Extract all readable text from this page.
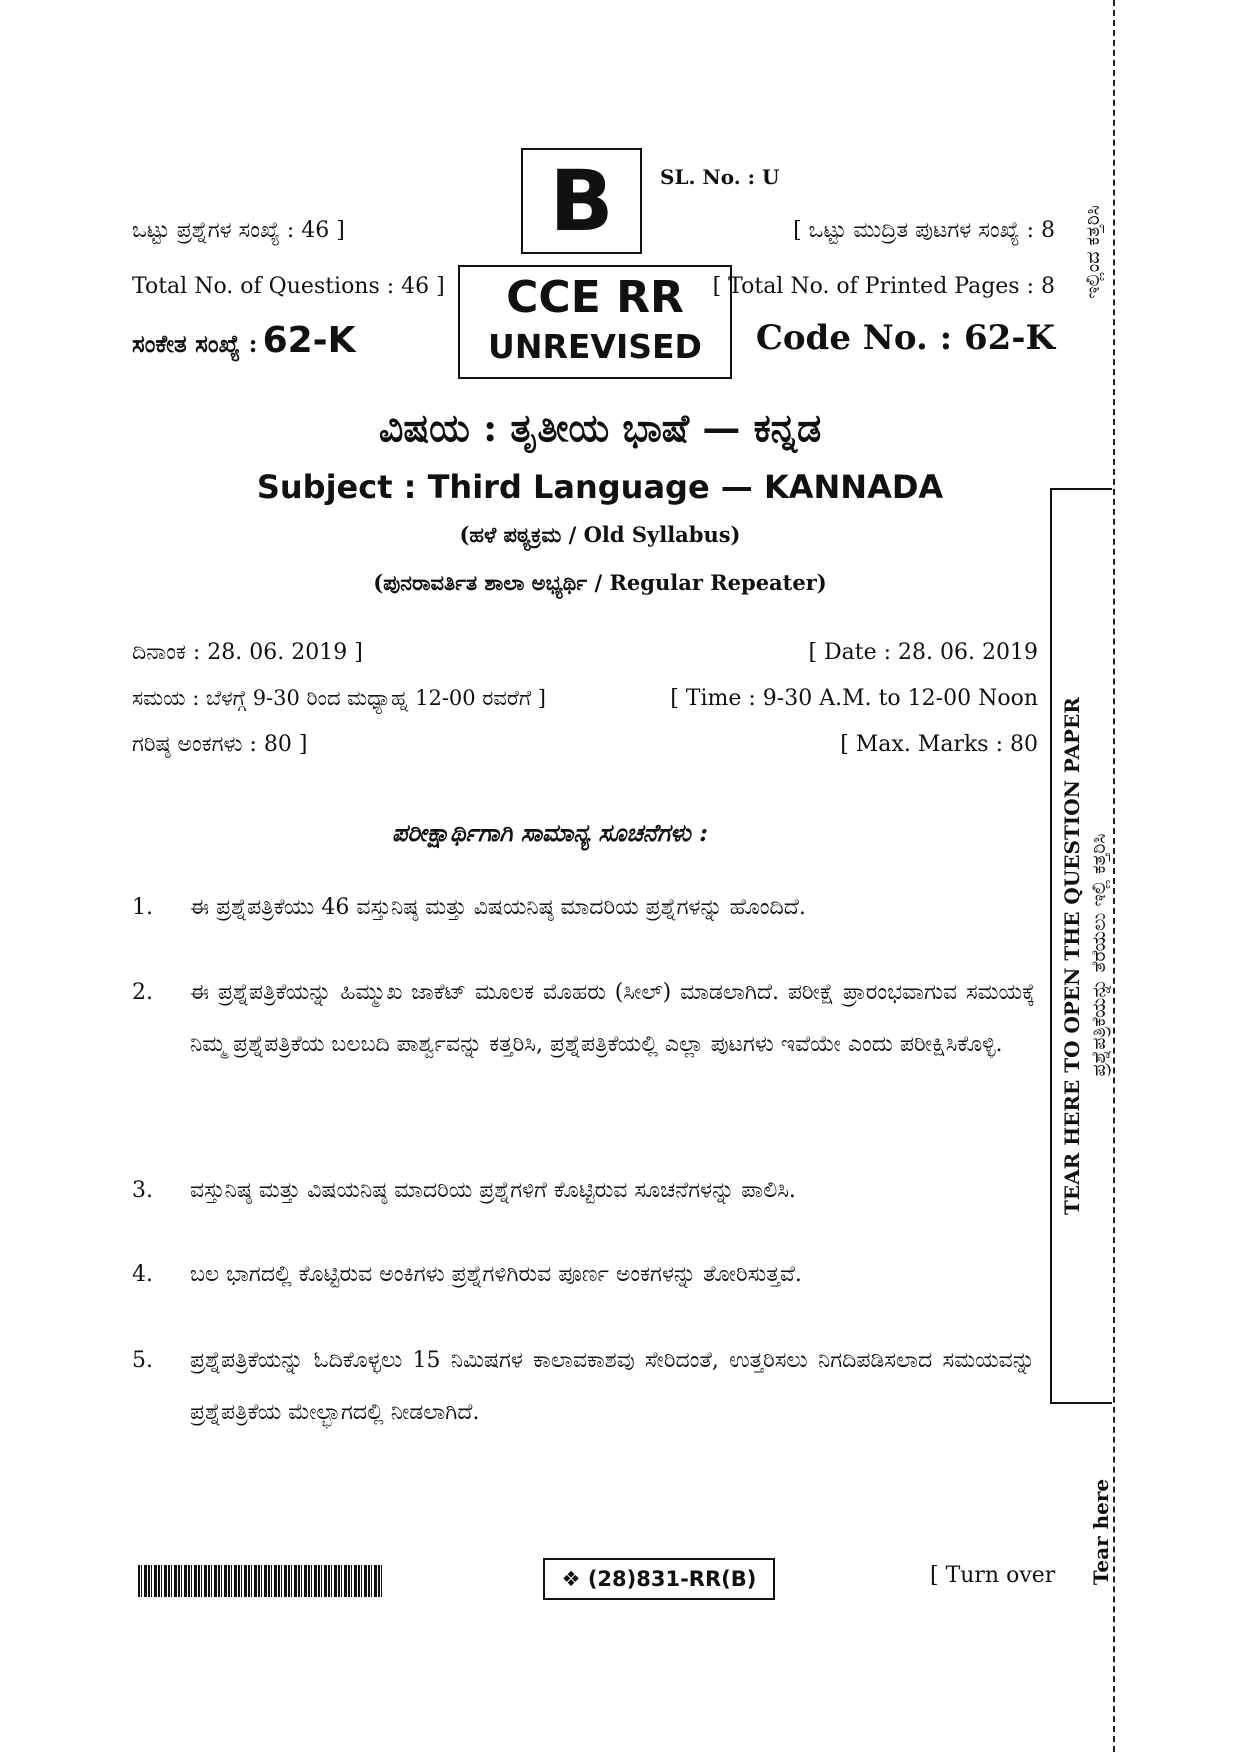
B	SL. No. : U
ಒಟ್ಟು ಪ್ರಶ್ನೆಗಳ ಸಂಖ್ಯೆ : 46 ]	[ ಒಟ್ಟು ಮುದ್ರಿತ ಪುಟಗಳ ಸಂಖ್ಯೆ : 8
Total No. of Questions : 46 ]	[ Total No. of Printed Pages : 8
CCE RR
UNREVISED
ಸಂಕೇತ ಸಂಖ್ಯೆ : 62-K	Code No. : 62-K
ವಿಷಯ : ತೃತೀಯ ಭಾಷೆ — ಕನ್ನಡ
Subject : Third Language — KANNADA
(ಹಳೆ ಪಠ್ಯಕ್ರಮ / Old Syllabus)
(ಪುನರಾವರ್ತಿತ ಶಾಲಾ ಅಭ್ಯರ್ಥಿ / Regular Repeater)
ದಿನಾಂಕ : 28. 06. 2019 ]	[ Date : 28. 06. 2019
ಸಮಯ : ಬೆಳಗ್ಗೆ 9-30 ರಿಂದ ಮಧ್ಯಾಹ್ನ 12-00 ರವರೆಗೆ ]	[ Time : 9-30 A.M. to 12-00 Noon
ಗರಿಷ್ಠ ಅಂಕಗಳು : 80 ]	[ Max. Marks : 80
ಪರೀಕ್ಷಾರ್ಥಿಗಾಗಿ ಸಾಮಾನ್ಯ ಸೂಚನೆಗಳು :
1. ಈ ಪ್ರಶ್ನೆಪತ್ರಿಕೆಯು 46 ವಸ್ತುನಿಷ್ಠ ಮತ್ತು ವಿಷಯನಿಷ್ಠ ಮಾದರಿಯ ಪ್ರಶ್ನೆಗಳನ್ನು ಹೊಂದಿದೆ.
2. ಈ ಪ್ರಶ್ನೆಪತ್ರಿಕೆಯನ್ನು ಹಿಮ್ಮುಖ ಜಾಕೆಟ್ ಮೂಲಕ ಮೊಹರು (ಸೀಲ್) ಮಾಡಲಾಗಿದೆ. ಪರೀಕ್ಷೆ ಪ್ರಾರಂಭವಾಗುವ ಸಮಯಕ್ಕೆ ನಿಮ್ಮ ಪ್ರಶ್ನೆಪತ್ರಿಕೆಯ ಬಲಬದಿ ಪಾರ್ಶ್ವವನ್ನು ಕತ್ತರಿಸಿ, ಪ್ರಶ್ನೆಪತ್ರಿಕೆಯಲ್ಲಿ ಎಲ್ಲಾ ಪುಟಗಳು ಇವೆಯೇ ಎಂದು ಪರೀಕ್ಷಿಸಿಕೊಳ್ಳಿ.
3. ವಸ್ತುನಿಷ್ಠ ಮತ್ತು ವಿಷಯನಿಷ್ಠ ಮಾದರಿಯ ಪ್ರಶ್ನೆಗಳಿಗೆ ಕೊಟ್ಟಿರುವ ಸೂಚನೆಗಳನ್ನು ಪಾಲಿಸಿ.
4. ಬಲ ಭಾಗದಲ್ಲಿ ಕೊಟ್ಟಿರುವ ಅಂಕಿಗಳು ಪ್ರಶ್ನೆಗಳಿಗಿರುವ ಪೂರ್ಣ ಅಂಕಗಳನ್ನು ತೋರಿಸುತ್ತವೆ.
5. ಪ್ರಶ್ನೆಪತ್ರಿಕೆಯನ್ನು ಓದಿಕೊಳ್ಳಲು 15 ನಿಮಿಷಗಳ ಕಾಲಾವಕಾಶವು ಸೇರಿದಂತೆ, ಉತ್ತರಿಸಲು ನಿಗದಿಪಡಿಸಲಾದ ಸಮಯವನ್ನು ಪ್ರಶ್ನೆಪತ್ರಿಕೆಯ ಮೇಲ್ಭಾಗದಲ್ಲಿ ನೀಡಲಾಗಿದೆ.
❖ (28)831-RR(B)	[ Turn over
TEAR HERE TO OPEN THE QUESTION PAPER ಪ್ರಶ್ನೆಪತ್ರಿಕೆಯನ್ನು ತೆರೆಯಲು ಇಲ್ಲಿ ಕತ್ತರಿಸಿ
ಇಲ್ಲಿಂದ ಕತ್ತರಿಸಿ
Tear here
